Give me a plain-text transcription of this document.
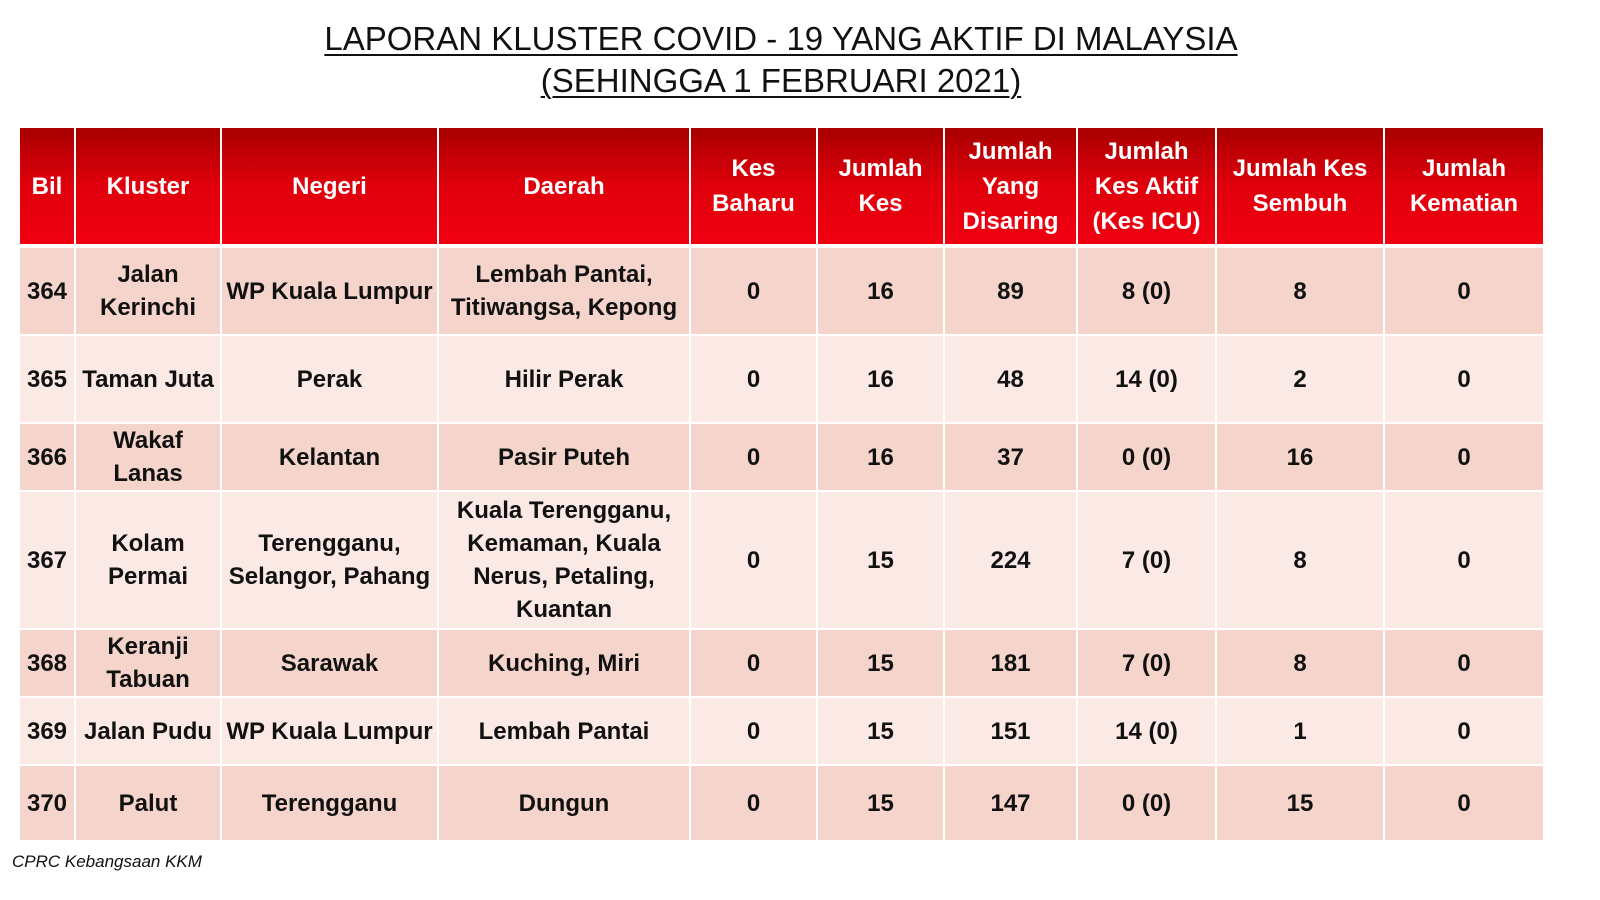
LAPORAN KLUSTER COVID - 19 YANG AKTIF DI MALAYSIA
(SEHINGGA 1 FEBRUARI 2021)
Bil	Kluster	Negeri	Daerah	Kes Baharu	Jumlah Kes	Jumlah Yang Disaring	Jumlah Kes Aktif (Kes ICU)	Jumlah Kes Sembuh	Jumlah Kematian
364	Jalan Kerinchi	WP Kuala Lumpur	Lembah Pantai, Titiwangsa, Kepong	0	16	89	8 (0)	8	0
365	Taman Juta	Perak	Hilir Perak	0	16	48	14 (0)	2	0
366	Wakaf Lanas	Kelantan	Pasir Puteh	0	16	37	0 (0)	16	0
367	Kolam Permai	Terengganu, Selangor, Pahang	Kuala Terengganu, Kemaman, Kuala Nerus, Petaling, Kuantan	0	15	224	7 (0)	8	0
368	Keranji Tabuan	Sarawak	Kuching, Miri	0	15	181	7 (0)	8	0
369	Jalan Pudu	WP Kuala Lumpur	Lembah Pantai	0	15	151	14 (0)	1	0
370	Palut	Terengganu	Dungun	0	15	147	0 (0)	15	0
CPRC Kebangsaan KKM
